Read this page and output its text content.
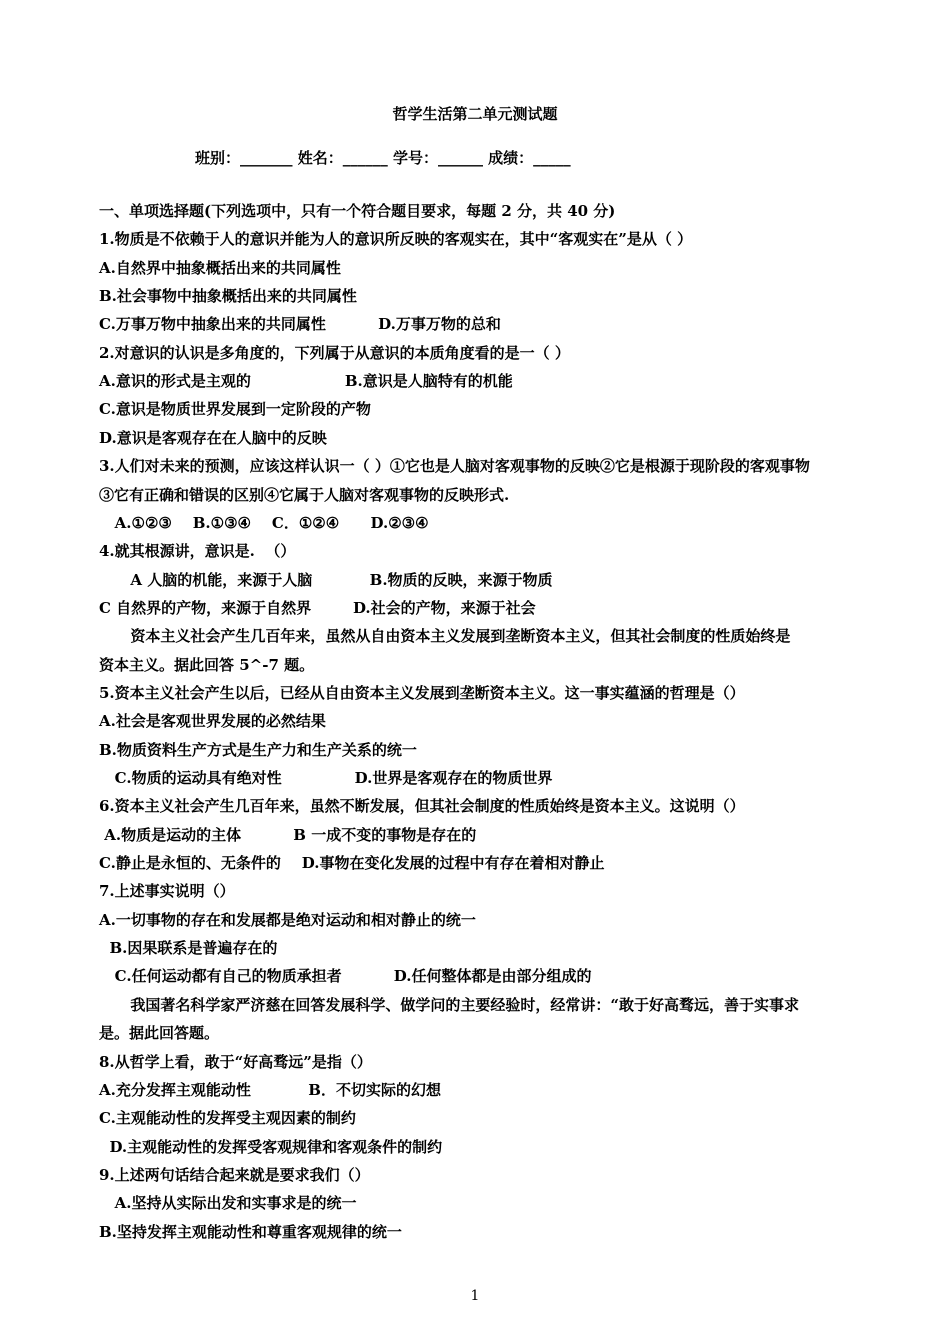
哲学生活第二单元测试题
班别：_______ 姓名：______ 学号：______ 成绩：_____
一、单项选择题(下列选项中，只有一个符合题目要求，每题 2 分，共 40 分)
1.物质是不依赖于人的意识并能为人的意识所反映的客观实在，其中“客观实在”是从（ ）
A.自然界中抽象概括出来的共同属性
B.社会事物中抽象概括出来的共同属性
C.万事万物中抽象出来的共同属性          D.万事万物的总和
2.对意识的认识是多角度的，下列属于从意识的本质角度看的是一（ ）
A.意识的形式是主观的                  B.意识是人脑特有的机能
C.意识是物质世界发展到一定阶段的产物
D.意识是客观存在在人脑中的反映
3.人们对未来的预测，应该这样认识一（ ）①它也是人脑对客观事物的反映②它是根源于现阶段的客观事物
③它有正确和错误的区别④它属于人脑对客观事物的反映形式.
A.①②③    B.①③④    C．①②④      D.②③④
4.就其根源讲，意识是.  （）
A 人脑的机能，来源于人脑           B.物质的反映，来源于物质
C 自然界的产物，来源于自然界        D.社会的产物，来源于社会
资本主义社会产生几百年来，虽然从自由资本主义发展到垄断资本主义，但其社会制度的性质始终是
资本主义。据此回答 5^-7 题。
5.资本主义社会产生以后，已经从自由资本主义发展到垄断资本主义。这一事实蕴涵的哲理是（）
A.社会是客观世界发展的必然结果
B.物质资料生产方式是生产力和生产关系的统一
C.物质的运动具有绝对性              D.世界是客观存在的物质世界
6.资本主义社会产生几百年来，虽然不断发展，但其社会制度的性质始终是资本主义。这说明（）
A.物质是运动的主体          B 一成不变的事物是存在的
C.静止是永恒的、无条件的    D.事物在变化发展的过程中有存在着相对静止
7.上述事实说明（）
A.一切事物的存在和发展都是绝对运动和相对静止的统一
B.因果联系是普遍存在的
C.任何运动都有自己的物质承担者          D.任何整体都是由部分组成的
我国著名科学家严济慈在回答发展科学、做学问的主要经验时，经常讲：“敢于好高骛远，善于实事求
是。据此回答题。
8.从哲学上看，敢于“好高骛远”是指（）
A.充分发挥主观能动性           B．不切实际的幻想
C.主观能动性的发挥受主观因素的制约
D.主观能动性的发挥受客观规律和客观条件的制约
9.上述两句话结合起来就是要求我们（）
A.坚持从实际出发和实事求是的统一
B.坚持发挥主观能动性和尊重客观规律的统一
1
